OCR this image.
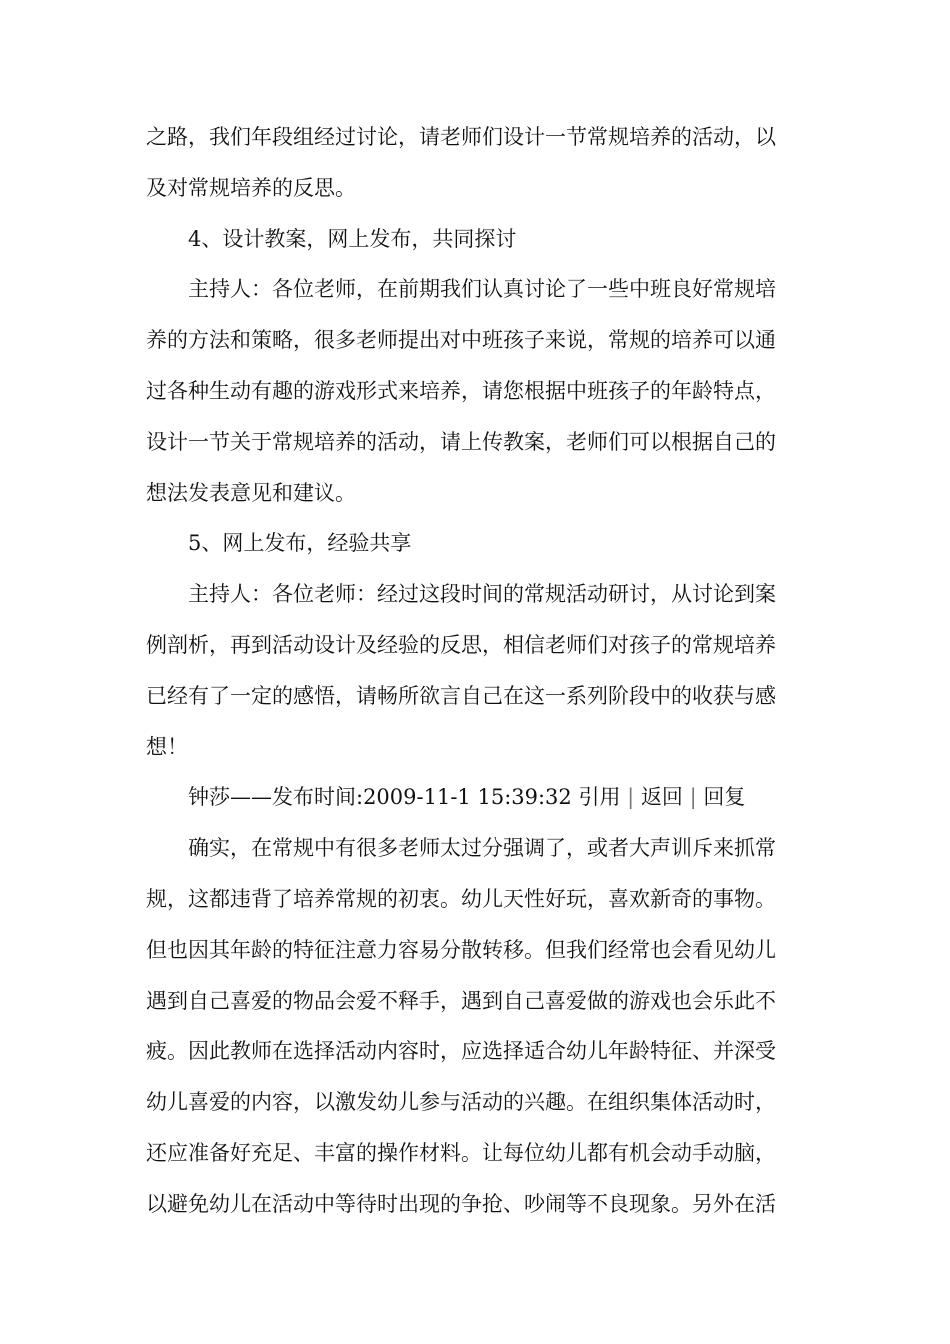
之路，我们年段组经过讨论，请老师们设计一节常规培养的活动，以
及对常规培养的反思。
4、设计教案，网上发布，共同探讨
主持人：各位老师，在前期我们认真讨论了一些中班良好常规培
养的方法和策略，很多老师提出对中班孩子来说，常规的培养可以通
过各种生动有趣的游戏形式来培养，请您根据中班孩子的年龄特点，
设计一节关于常规培养的活动，请上传教案，老师们可以根据自己的
想法发表意见和建议。
5、网上发布，经验共享
主持人：各位老师：经过这段时间的常规活动研讨，从讨论到案
例剖析，再到活动设计及经验的反思，相信老师们对孩子的常规培养
已经有了一定的感悟，请畅所欲言自己在这一系列阶段中的收获与感
想！
钟莎——发布时间:2009-11-1 15:39:32 引用 | 返回 | 回复
确实，在常规中有很多老师太过分强调了，或者大声训斥来抓常
规，这都违背了培养常规的初衷。幼儿天性好玩，喜欢新奇的事物。
但也因其年龄的特征注意力容易分散转移。但我们经常也会看见幼儿
遇到自己喜爱的物品会爱不释手，遇到自己喜爱做的游戏也会乐此不
疲。因此教师在选择活动内容时，应选择适合幼儿年龄特征、并深受
幼儿喜爱的内容，以激发幼儿参与活动的兴趣。在组织集体活动时，
还应准备好充足、丰富的操作材料。让每位幼儿都有机会动手动脑，
以避免幼儿在活动中等待时出现的争抢、吵闹等不良现象。另外在活
